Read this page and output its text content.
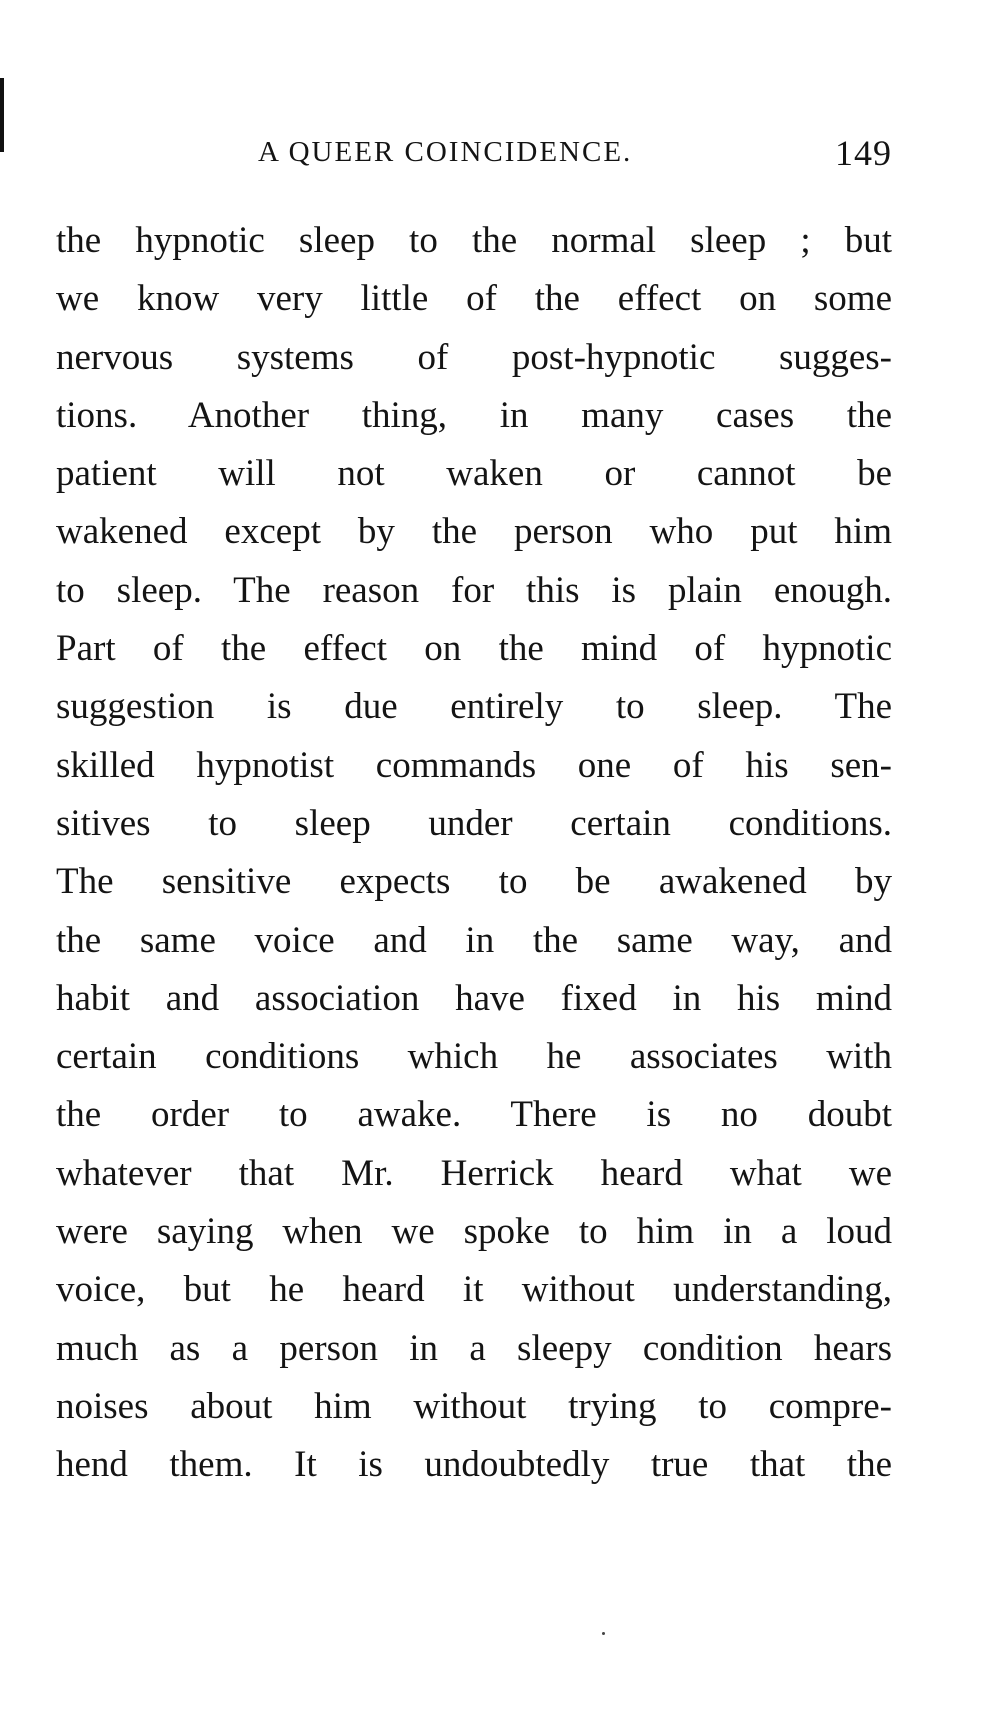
A QUEER COINCIDENCE.	149
the hypnotic sleep to the normal sleep ; but
we know very little of the effect on some
nervous systems of post-hypnotic sugges-
tions. Another thing, in many cases the
patient will not waken or cannot be
wakened except by the person who put him
to sleep. The reason for this is plain enough.
Part of the effect on the mind of hypnotic
suggestion is due entirely to sleep. The
skilled hypnotist commands one of his sen-
sitives to sleep under certain conditions.
The sensitive expects to be awakened by
the same voice and in the same way, and
habit and association have fixed in his mind
certain conditions which he associates with
the order to awake. There is no doubt
whatever that Mr. Herrick heard what we
were saying when we spoke to him in a loud
voice, but he heard it without understanding,
much as a person in a sleepy condition hears
noises about him without trying to compre-
hend them. It is undoubtedly true that the
